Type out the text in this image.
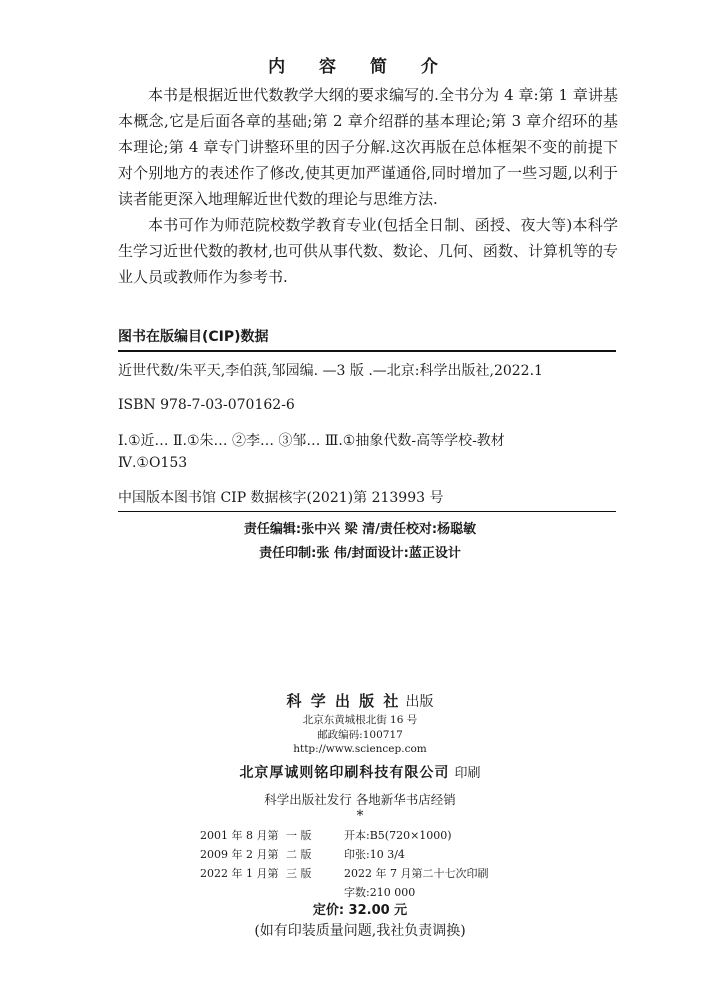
内 容 简 介

本书是根据近世代数教学大纲的要求编写的.全书分为 4 章:第 1 章讲基本概念,它是后面各章的基础;第 2 章介绍群的基本理论;第 3 章介绍环的基本理论;第 4 章专门讲整环里的因子分解.这次再版在总体框架不变的前提下对个别地方的表述作了修改,使其更加严谨通俗,同时增加了一些习题,以利于读者能更深入地理解近世代数的理论与思维方法.

本书可作为师范院校数学教育专业(包括全日制、函授、夜大等)本科学生学习近世代数的教材,也可供从事代数、数论、几何、函数、计算机等的专业人员或教师作为参考书.

图书在版编目(CIP)数据
近世代数/朱平天,李伯葓,邹园编. —3 版 .—北京:科学出版社,2022.1
ISBN 978-7-03-070162-6
Ⅰ.①近… Ⅱ.①朱… ②李… ③邹… Ⅲ.①抽象代数-高等学校-教材
Ⅳ.①O153
中国版本图书馆 CIP 数据核字(2021)第 213993 号
责任编辑:张中兴 梁 清/责任校对:杨聪敏
责任印制:张 伟/封面设计:蓝正设计
科 学 出 版 社 出版
北京东黄城根北街 16 号
邮政编码:100717
http://www.sciencep.com
北京厚诚则铭印刷科技有限公司 印刷
科学出版社发行 各地新华书店经销
*
2001 年 8 月第	一 版	开本:B5(720×1000)
2009 年 2 月第	二 版	印张:10 3/4
2022 年 1 月第	三 版	2022 年 7 月第二十七次印刷
		字数:210 000
定价: 32.00 元
(如有印装质量问题,我社负责调换)
